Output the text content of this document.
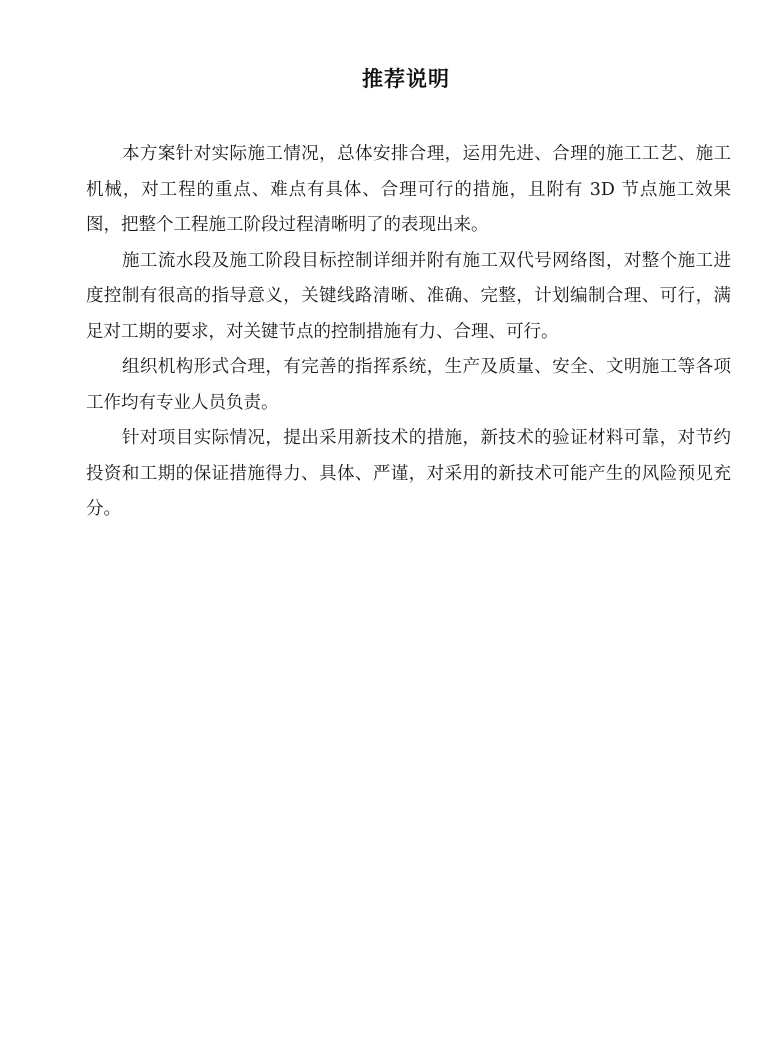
推荐说明

本方案针对实际施工情况，总体安排合理，运用先进、合理的施工工艺、施工机械，对工程的重点、难点有具体、合理可行的措施，且附有 3D 节点施工效果图，把整个工程施工阶段过程清晰明了的表现出来。

施工流水段及施工阶段目标控制详细并附有施工双代号网络图，对整个施工进度控制有很高的指导意义，关键线路清晰、准确、完整，计划编制合理、可行，满足对工期的要求，对关键节点的控制措施有力、合理、可行。

组织机构形式合理，有完善的指挥系统，生产及质量、安全、文明施工等各项工作均有专业人员负责。

针对项目实际情况，提出采用新技术的措施，新技术的验证材料可靠，对节约投资和工期的保证措施得力、具体、严谨，对采用的新技术可能产生的风险预见充分。
